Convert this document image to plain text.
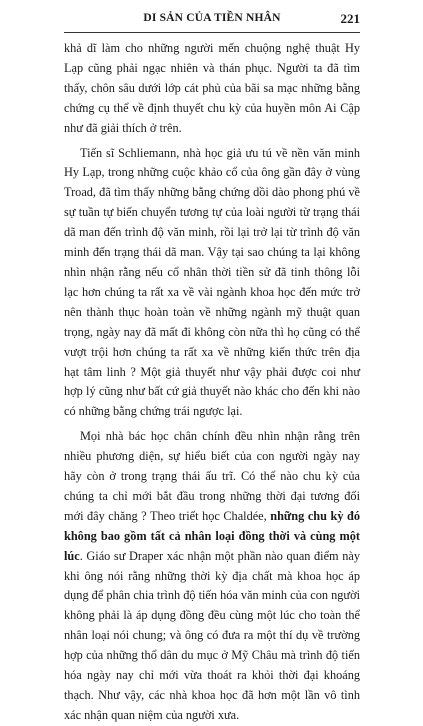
DI SẢN CỦA TIỀN NHÂN	221

khả dĩ làm cho những người mến chuộng nghệ thuật Hy Lạp cũng phải ngạc nhiên và thán phục. Người ta đã tìm thấy, chôn sâu dưới lớp cát phủ của bãi sa mạc những bằng chứng cụ thể về định thuyết chu kỳ của huyền môn Ai Cập như đã giải thích ở trên.

Tiến sĩ Schliemann, nhà học giả ưu tú về nền văn minh Hy Lạp, trong những cuộc khảo cổ của ông gần đây ở vùng Troad, đã tìm thấy những bằng chứng dồi dào phong phú về sự tuần tự biến chuyển tương tự của loài người từ trạng thái dã man đến trình độ văn minh, rồi lại trở lại từ trình độ văn minh đến trạng thái dã man. Vậy tại sao chúng ta lại không nhìn nhận rằng nếu cổ nhân thời tiền sử đã tinh thông lỗi lạc hơn chúng ta rất xa về vài ngành khoa học đến mức trở nên thành thục hoàn toàn về những ngành mỹ thuật quan trọng, ngày nay đã mất đi không còn nữa thì họ cũng có thể vượt trội hơn chúng ta rất xa về những kiến thức trên địa hạt tâm linh ? Một giả thuyết như vậy phải được coi như hợp lý cũng như bất cứ giả thuyết nào khác cho đến khi nào có những bằng chứng trái ngược lại.

Mọi nhà bác học chân chính đều nhìn nhận rằng trên nhiều phương diện, sự hiểu biết của con người ngày nay hãy còn ở trong trạng thái ấu trĩ. Có thể nào chu kỳ của chúng ta chỉ mới bắt đầu trong những thời đại tương đối mới đây chăng ? Theo triết học Chaldée, những chu kỳ đó không bao gồm tất cả nhân loại đồng thời và cùng một lúc. Giáo sư Draper xác nhận một phần nào quan điểm này khi ông nói rằng những thời kỳ địa chất mà khoa học áp dụng để phân chia trình độ tiến hóa văn minh của con người không phải là áp dụng đồng đều cùng một lúc cho toàn thể nhân loại nói chung; và ông có đưa ra một thí dụ về trường hợp của những thổ dân du mục ở Mỹ Châu mà trình độ tiến hóa ngày nay chỉ mới vừa thoát ra khỏi thời đại khoáng thạch. Như vậy, các nhà khoa học đã hơn một lần vô tình xác nhận quan niệm của người xưa.
